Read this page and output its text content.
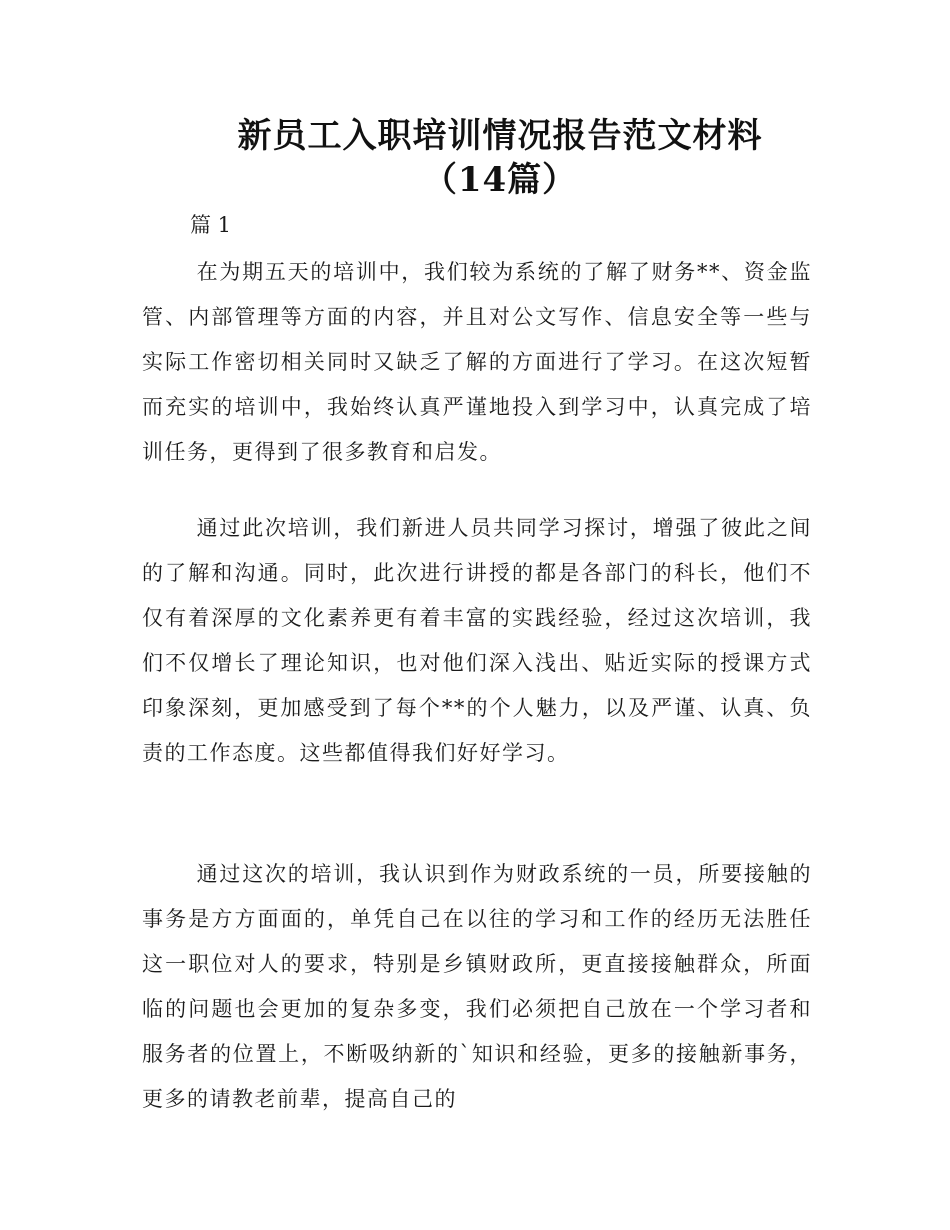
新员工入职培训情况报告范文材料
（14篇）
篇 1

在为期五天的培训中，我们较为系统的了解了财务**、资金监管、内部管理等方面的内容，并且对公文写作、信息安全等一些与实际工作密切相关同时又缺乏了解的方面进行了学习。在这次短暂而充实的培训中，我始终认真严谨地投入到学习中，认真完成了培训任务，更得到了很多教育和启发。

通过此次培训，我们新进人员共同学习探讨，增强了彼此之间的了解和沟通。同时，此次进行讲授的都是各部门的科长，他们不仅有着深厚的文化素养更有着丰富的实践经验，经过这次培训，我们不仅增长了理论知识，也对他们深入浅出、贴近实际的授课方式印象深刻，更加感受到了每个**的个人魅力，以及严谨、认真、负责的工作态度。这些都值得我们好好学习。

通过这次的培训，我认识到作为财政系统的一员，所要接触的事务是方方面面的，单凭自己在以往的学习和工作的经历无法胜任这一职位对人的要求，特别是乡镇财政所，更直接接触群众，所面临的问题也会更加的复杂多变，我们必须把自己放在一个学习者和服务者的位置上，不断吸纳新的`知识和经验，更多的接触新事务，更多的请教老前辈，提高自己的
